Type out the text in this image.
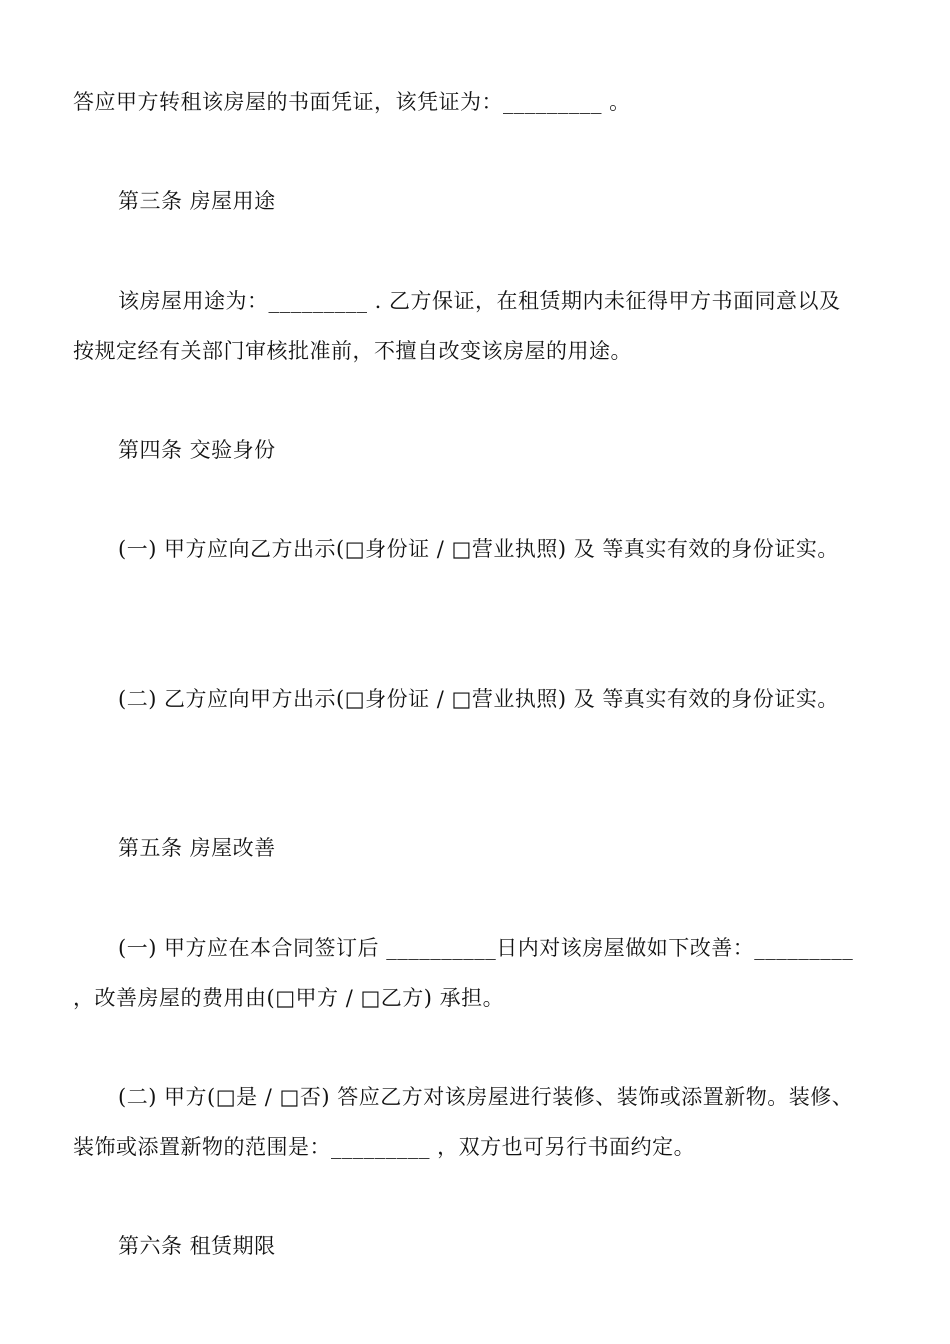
答应甲方转租该房屋的书面凭证，该凭证为：_________ 。
第三条 房屋用途
该房屋用途为：_________ . 乙方保证，在租赁期内未征得甲方书面同意以及
按规定经有关部门审核批准前，不擅自改变该房屋的用途。
第四条 交验身份
(一) 甲方应向乙方出示(□身份证 / □营业执照) 及 等真实有效的身份证实。
(二) 乙方应向甲方出示(□身份证 / □营业执照) 及 等真实有效的身份证实。
第五条 房屋改善
(一) 甲方应在本合同签订后 __________日内对该房屋做如下改善：_________
，改善房屋的费用由(□甲方 / □乙方) 承担。
(二) 甲方(□是 / □否) 答应乙方对该房屋进行装修、装饰或添置新物。装修、
装饰或添置新物的范围是：_________ ，双方也可另行书面约定。
第六条 租赁期限
